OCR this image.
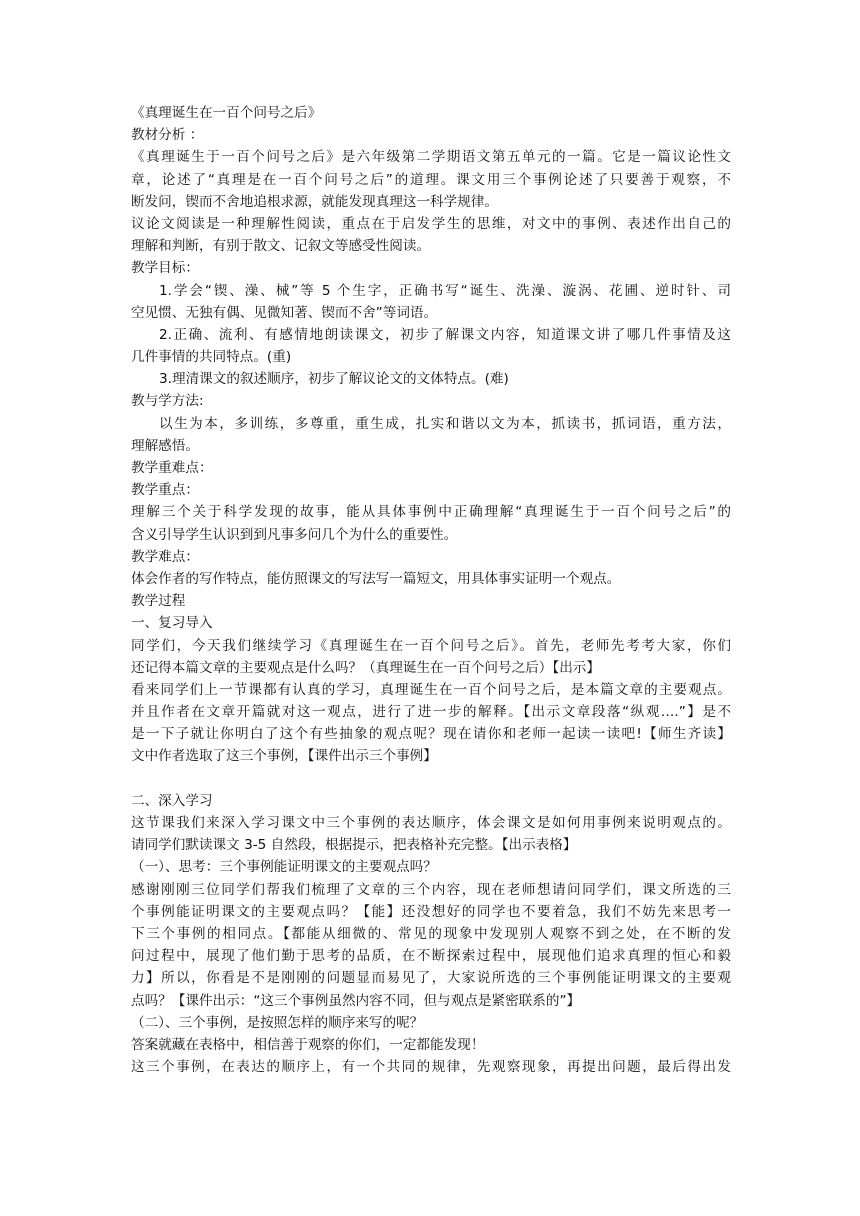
《真理诞生在一百个问号之后》
教材分析 ：
《真理诞生于一百个问号之后》是六年级第二学期语文第五单元的一篇。它是一篇议论性文
章，论述了“真理是在一百个问号之后”的道理。课文用三个事例论述了只要善于观察，不
断发问，锲而不舍地追根求源，就能发现真理这一科学规律。
议论文阅读是一种理解性阅读，重点在于启发学生的思维，对文中的事例、表述作出自己的
理解和判断，有别于散文、记叙文等感受性阅读。
教学目标：
1.学会“锲、澡、械”等 5 个生字，正确书写“诞生、洗澡、漩涡、花圃、逆时针、司
空见惯、无独有偶、见微知著、锲而不舍”等词语。
2.正确、流利、有感情地朗读课文，初步了解课文内容，知道课文讲了哪几件事情及这
几件事情的共同特点。(重)
3.理清课文的叙述顺序，初步了解议论文的文体特点。(难)
教与学方法:
以生为本，多训练，多尊重，重生成，扎实和谐以文为本，抓读书，抓词语，重方法，
理解感悟。
教学重难点：
教学重点：
理解三个关于科学发现的故事，能从具体事例中正确理解“真理诞生于一百个问号之后”的
含义引导学生认识到到凡事多问几个为什么的重要性。
教学难点：
体会作者的写作特点，能仿照课文的写法写一篇短文，用具体事实证明一个观点。
教学过程
一、复习导入
同学们，今天我们继续学习《真理诞生在一百个问号之后》。首先，老师先考考大家，你们
还记得本篇文章的主要观点是什么吗？（真理诞生在一百个问号之后）【出示】
看来同学们上一节课都有认真的学习，真理诞生在一百个问号之后，是本篇文章的主要观点。
并且作者在文章开篇就对这一观点，进行了进一步的解释。【出示文章段落“纵观….”】是不
是一下子就让你明白了这个有些抽象的观点呢？现在请你和老师一起读一读吧!【师生齐读】
文中作者选取了这三个事例，【课件出示三个事例】
二、深入学习
这节课我们来深入学习课文中三个事例的表达顺序，体会课文是如何用事例来说明观点的。
请同学们默读课文 3-5 自然段，根据提示，把表格补充完整。【出示表格】
（一）、思考：三个事例能证明课文的主要观点吗？
感谢刚刚三位同学们帮我们梳理了文章的三个内容，现在老师想请问同学们，课文所选的三
个事例能证明课文的主要观点吗？【能】还没想好的同学也不要着急，我们不妨先来思考一
下三个事例的相同点。【都能从细微的、常见的现象中发现别人观察不到之处，在不断的发
问过程中，展现了他们勤于思考的品质，在不断探索过程中，展现他们追求真理的恒心和毅
力】所以，你看是不是刚刚的问题显而易见了，大家说所选的三个事例能证明课文的主要观
点吗？【课件出示：“这三个事例虽然内容不同，但与观点是紧密联系的”】
（二）、三个事例，是按照怎样的顺序来写的呢？
答案就藏在表格中，相信善于观察的你们，一定都能发现！
这三个事例，在表达的顺序上，有一个共同的规律，先观察现象，再提出问题，最后得出发
